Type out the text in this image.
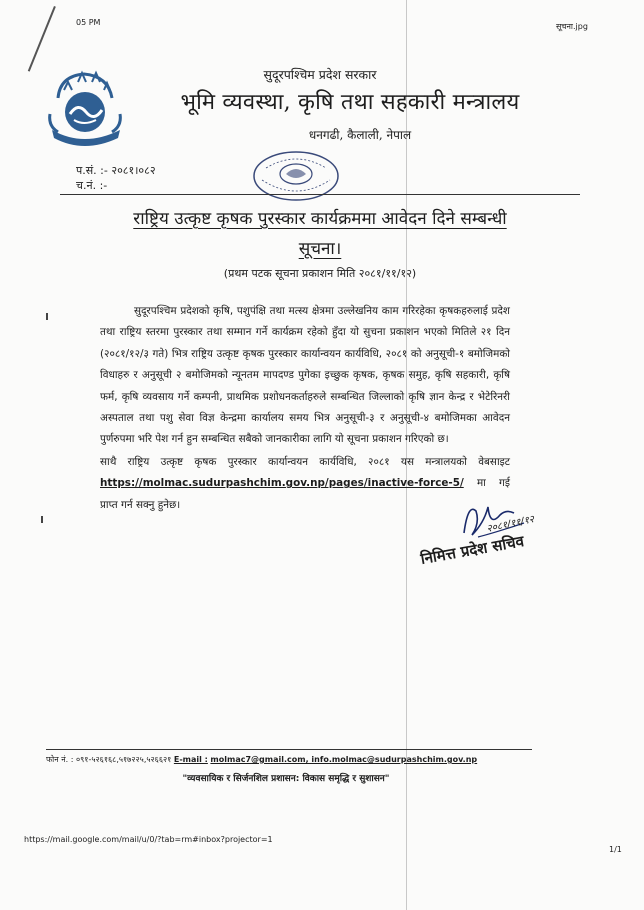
05 PM	सूचना.jpg
सुदूरपश्चिम प्रदेश सरकार
भूमि व्यवस्था, कृषि तथा सहकारी मन्त्रालय
धनगढी, कैलाली, नेपाल
प.सं. :- २०८१।०८२
च.नं. :-
राष्ट्रिय उत्कृष्ट कृषक पुरस्कार कार्यक्रममा आवेदन दिने सम्बन्धी
सूचना।
(प्रथम पटक सूचना प्रकाशन मिति २०८१/११/१२)
सुदूरपश्चिम प्रदेशको कृषि, पशुपंक्षि तथा मत्स्य क्षेत्रमा उल्लेखनिय काम गरिरहेका कृषकहरुलाई प्रदेश तथा राष्ट्रिय स्तरमा पुरस्कार तथा सम्मान गर्ने कार्यक्रम रहेको हुँदा यो सुचना प्रकाशन भएको मितिले २१ दिन (२०८१/१२/३ गते) भित्र राष्ट्रिय उत्कृष्ट कृषक पुरस्कार कार्यान्वयन कार्यविधि, २०८१ को अनुसूची-१ बमोजिमको विधाहरु र अनुसूची २ बमोजिमको न्यूनतम मापदण्ड पुगेका इच्छुक कृषक, कृषक समुह, कृषि सहकारी, कृषि फर्म, कृषि व्यवसाय गर्ने कम्पनी, प्राथमिक प्रशोधनकर्ताहरुले सम्बन्धित जिल्लाको कृषि ज्ञान केन्द्र र भेटेरिनरी अस्पताल तथा पशु सेवा विज्ञ केन्द्रमा कार्यालय समय भित्र अनुसूची-३ र अनुसूची-४ बमोजिमका आवेदन पुर्णरुपमा भरि पेश गर्न हुन सम्बन्धित सबैको जानकारीका लागि यो सूचना प्रकाशन गरिएको छ।
साथै राष्ट्रिय उत्कृष्ट कृषक पुरस्कार कार्यान्वयन कार्यविधि, २०८१ यस मन्त्रालयको वेबसाइट https://molmac.sudurpashchim.gov.np/pages/inactive-force-5/ मा गई प्राप्त गर्न सक्नु हुनेछ।
२०८१/११/१२
निमित्त प्रदेश सचिव
फोन नं. : ०९१-५२६१६८,५१७२२५,५२६६२१ E-mail : molmac7@gmail.com, info.molmac@sudurpashchim.gov.np
"व्यवसायिक र सिर्जनशिल प्रशासन: विकास समृद्धि र सुशासन"
https://mail.google.com/mail/u/0/?tab=rm#inbox?projector=1
1/1
